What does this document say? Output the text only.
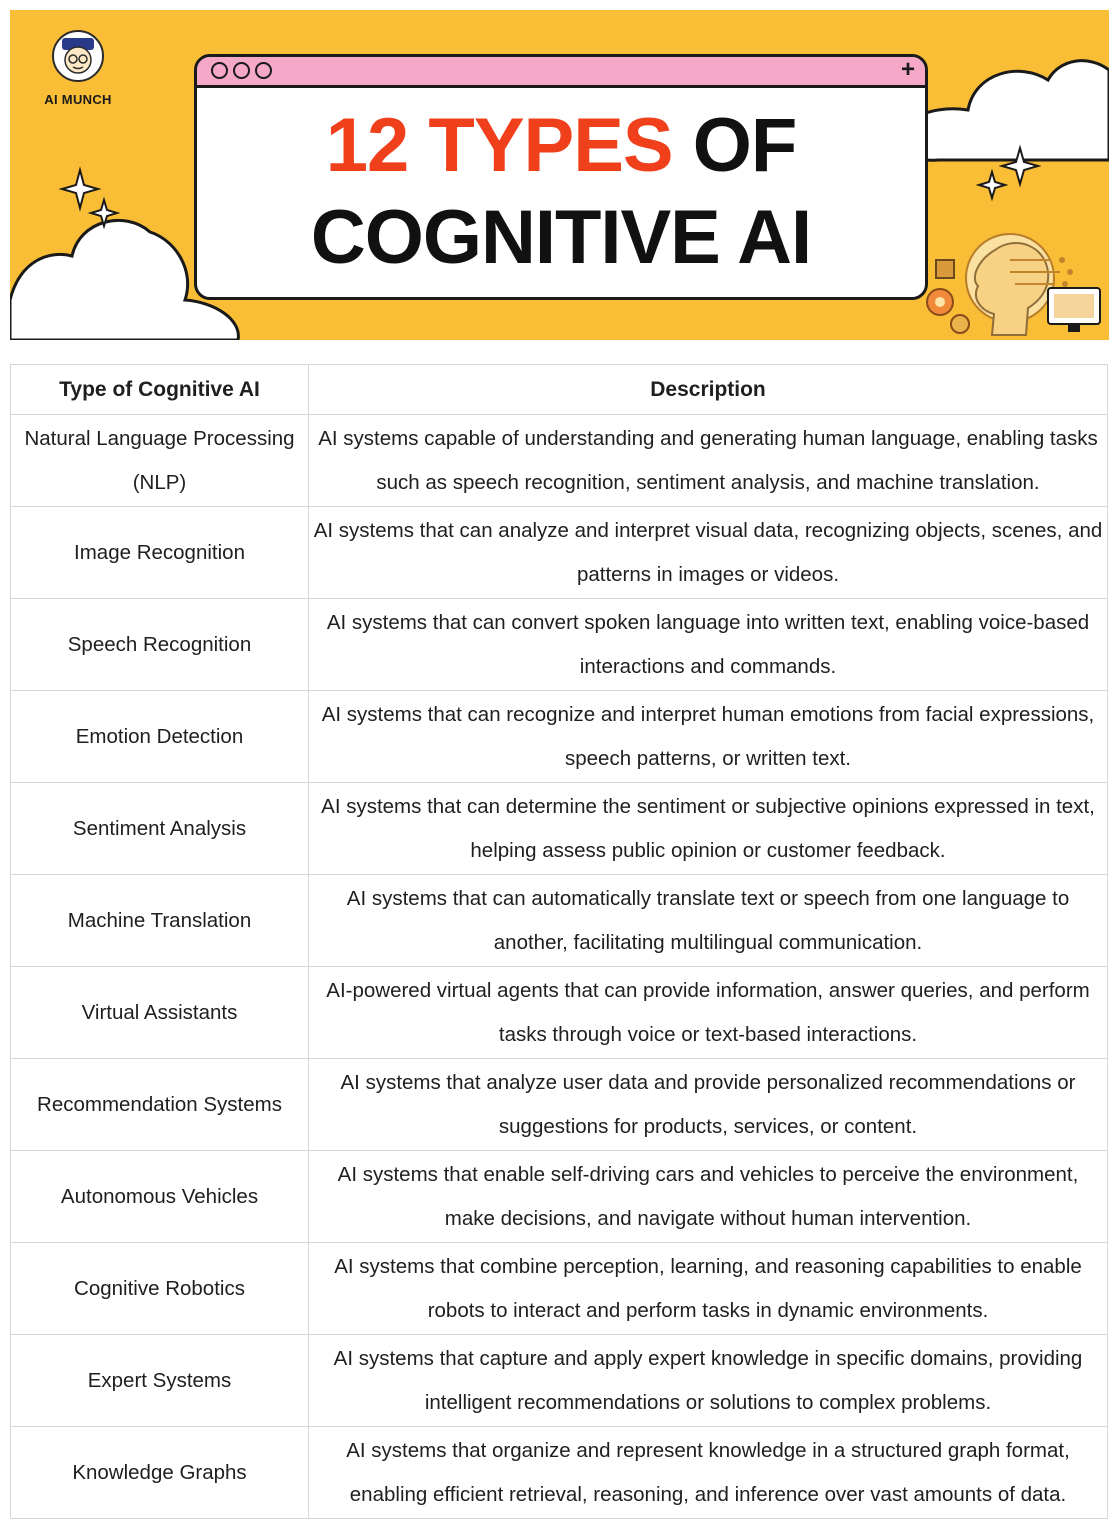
AI MUNCH
+
12 TYPES OF
COGNITIVE AI
Type of Cognitive AI	Description
Natural Language Processing (NLP)	AI systems capable of understanding and generating human language, enabling tasks such as speech recognition, sentiment analysis, and machine translation.
Image Recognition	AI systems that can analyze and interpret visual data, recognizing objects, scenes, and patterns in images or videos.
Speech Recognition	AI systems that can convert spoken language into written text, enabling voice-based interactions and commands.
Emotion Detection	AI systems that can recognize and interpret human emotions from facial expressions, speech patterns, or written text.
Sentiment Analysis	AI systems that can determine the sentiment or subjective opinions expressed in text, helping assess public opinion or customer feedback.
Machine Translation	AI systems that can automatically translate text or speech from one language to another, facilitating multilingual communication.
Virtual Assistants	AI-powered virtual agents that can provide information, answer queries, and perform tasks through voice or text-based interactions.
Recommendation Systems	AI systems that analyze user data and provide personalized recommendations or suggestions for products, services, or content.
Autonomous Vehicles	AI systems that enable self-driving cars and vehicles to perceive the environment, make decisions, and navigate without human intervention.
Cognitive Robotics	AI systems that combine perception, learning, and reasoning capabilities to enable robots to interact and perform tasks in dynamic environments.
Expert Systems	AI systems that capture and apply expert knowledge in specific domains, providing intelligent recommendations or solutions to complex problems.
Knowledge Graphs	AI systems that organize and represent knowledge in a structured graph format, enabling efficient retrieval, reasoning, and inference over vast amounts of data.
